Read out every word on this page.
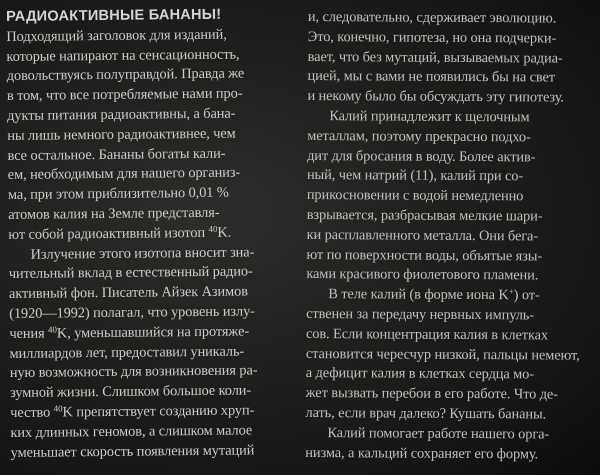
РАДИОАКТИВНЫЕ БАНАНЫ!
Подходящий заголовок для изданий,
которые напирают на сенсационность,
довольствуясь полуправдой. Правда же
в том, что все потребляемые нами про-
дукты питания радиоактивны, а бана-
ны лишь немного радиоактивнее, чем
все остальное. Бананы богаты кали-
ем, необходимым для нашего организ-
ма, при этом приблизительно 0,01 %
атомов калия на Земле представля-
ют собой радиоактивный изотоп $^{40}$K.
Излучение этого изотопа вносит зна-
чительный вклад в естественный радио-
активный фон. Писатель Айзек Азимов
(1920—1992) полагал, что уровень излу-
чения $^{40}$K, уменьшавшийся на протяже-
миллиардов лет, предоставил уникаль-
ную возможность для возникновения ра-
зумной жизни. Слишком большое коли-
чество $^{40}$K препятствует созданию хруп-
ких длинных геномов, а слишком малое
уменьшает скорость появления мутаций
и, следовательно, сдерживает эволюцию.
Это, конечно, гипотеза, но она подчерки-
вает, что без мутаций, вызываемых радиа-
цией, мы с вами не появились бы на свет
и некому было бы обсуждать эту гипотезу.
Калий принадлежит к щелочным
металлам, поэтому прекрасно подхо-
дит для бросания в воду. Более актив-
ный, чем натрий (11), калий при со-
прикосновении с водой немедленно
взрывается, разбрасывая мелкие шари-
ки расплавленного металла. Они бега-
ют по поверхности воды, объятые язы-
ками красивого фиолетового пламени.
В теле калий (в форме иона K+) от-
ственен за передачу нервных импуль-
сов. Если концентрация калия в клетках
становится чересчур низкой, пальцы немеют,
а дефицит калия в клетках сердца мо-
жет вызвать перебои в его работе. Что де-
лать, если врач далеко? Кушать бананы.
Калий помогает работе нашего орга-
низма, а кальций сохраняет его форму.
